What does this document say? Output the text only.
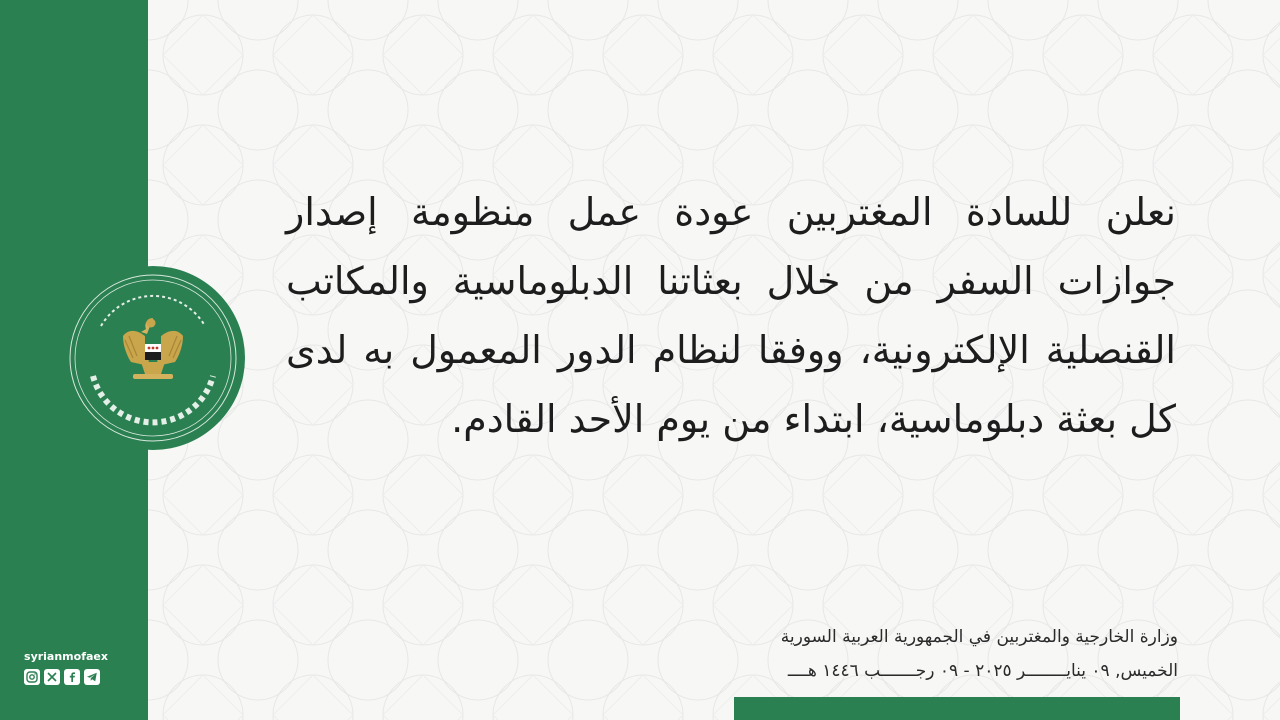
syrianmofaex
نعلن للسادة المغتربين عودة عمل منظومة إصدار جوازات السفر من خلال بعثاتنا الدبلوماسية والمكاتب القنصلية الإلكترونية، ووفقا لنظام الدور المعمول به لدى كل بعثة دبلوماسية، ابتداء من يوم الأحد القادم.
وزارة الخارجية والمغتربين في الجمهورية العربية السورية
الخميس, ٠٩ ينايــــــــر ٢٠٢٥ - ٠٩ رجـــــــب ١٤٤٦ هــــ
